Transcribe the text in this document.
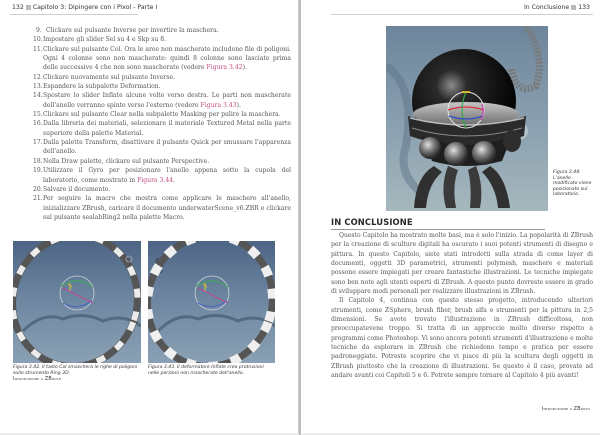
132 Capitolo 3: Dipingere con i Pixol - Parte I
9. Clickare sul pulsante Inverse per invertire la maschera.
10. Impostare gli slider Sel su 4 e Skp su 8.
11. Clickare sul pulsante Col. Ora le aree non mascherate includono file di poligoni. Ogni 4 colonne sono non mascherate: quindi 8 colonne sono lasciate prima delle successive 4 che non sono mascherate (vedere Figura 3.42).
12. Clickare nuovamente sul pulsante Inverse.
13. Espandere la subpalette Deformation.
14. Spostare lo slider Inflate alcune volte verso destra. Le parti non mascherate dell'anello verranno spinte verso l'esterno (vedere Figura 3.43).
15. Clickare sul pulsante Clear nella subpalette Masking per pulire la maschera.
16. Dalla libreria dei materiali, selezionare il materiale Textured Metal nella parte superiore della palette Material.
17. Dalla palette Transform, disattivare il pulsante Quick per smussare l'apparenza dell'anello.
18. Nella Draw palette, clickare sul pulsante Perspective.
19. Utilizzare il Gyro per posizionare l'anello appena sotto la cupola del laboratorio, come mostrato in Figura 3.44.
20. Salvare il documento.
21. Per seguire la macro che mostra come applicare le maschere all'anello, inizializzare ZBrush, caricare il documento underwaterScene_v6.ZBR e clickare sul pulsante sealabRing2 nella palette Macro.
Figura 3.42. Il tasto Col smaschera le righe di poligoni sullo strumento Ring 3D.
Figura 3.43. Il deformatore Inflate crea protrusioni nelle porzioni non mascherate dell'anello.
Introduzione a ZBrush
In Conclusione 133
Figura 3.44. L'anello modificato viene posizionato sul laboratorio.
IN CONCLUSIONE

Questo Capitolo ha mostrato molte basi, ma è solo l'inizio. La popolarità di ZBrush per la creazione di sculture digitali ha oscurato i suoi potenti strumenti di disegno e pittura. In questo Capitolo, siete stati introdotti sulla strada di come layer di documenti, oggetti 3D parametrici, strumenti polymesh, maschere e materiali possono essere impiegati per creare fantastiche illustrazioni. Le tecniche impiegate sono ben note agli utenti esperti di ZBrush. A questo punto dovreste essere in grado di sviluppare modi personali per realizzare illustrazioni in ZBrush.

Il Capitolo 4, continua con questo stesso progetto, introducendo ulteriori strumenti, come ZSphere, brush fiber, brush alfa e strumenti per la pittura in 2,5 dimensioni. Se avete trovato l'illustrazione in ZBrush difficoltosa, non preoccupatevene troppo. Si tratta di un approccio molto diverso rispetto a programmi come Photoshop. Vi sono ancora potenti strumenti d'illustrazione e molte tecniche da esplorare in ZBrush che richiedono tempo e pratica per essere padroneggiate. Potreste scoprire che vi piace di più la scultura degli oggetti in ZBrush piuttosto che la creazione di illustrazioni. Se questo è il caso, provate ad andare avanti coi Capitoli 5 e 6. Potrete sempre tornare al Capitolo 4 più avanti!

Introduzione a ZBrush
